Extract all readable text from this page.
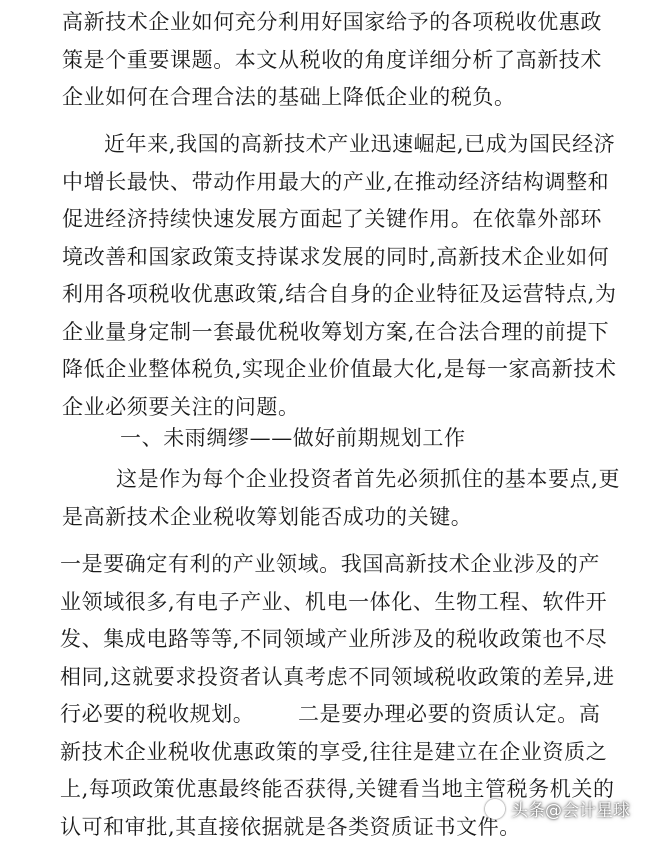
高新技术企业如何充分利用好国家给予的各项税收优惠政策是个重要课题。本文从税收的角度详细分析了高新技术企业如何在合理合法的基础上降低企业的税负。

近年来,我国的高新技术产业迅速崛起,已成为国民经济中增长最快、带动作用最大的产业,在推动经济结构调整和促进经济持续快速发展方面起了关键作用。在依靠外部环境改善和国家政策支持谋求发展的同时,高新技术企业如何利用各项税收优惠政策,结合自身的企业特征及运营特点,为企业量身定制一套最优税收筹划方案,在合法合理的前提下降低企业整体税负,实现企业价值最大化,是每一家高新技术企业必须要关注的问题。

一、未雨绸缪——做好前期规划工作

这是作为每个企业投资者首先必须抓住的基本要点,更是高新技术企业税收筹划能否成功的关键。

一是要确定有利的产业领域。我国高新技术企业涉及的产业领域很多,有电子产业、机电一体化、生物工程、软件开发、集成电路等等,不同领域产业所涉及的税收政策也不尽相同,这就要求投资者认真考虑不同领域税收政策的差异,进行必要的税收规划。      二是要办理必要的资质认定。高新技术企业税收优惠政策的享受,往往是建立在企业资质之上,每项政策优惠最终能否获得,关键看当地主管税务机关的认可和审批,其直接依据就是各类资质证书文件。

头条@会计星球
